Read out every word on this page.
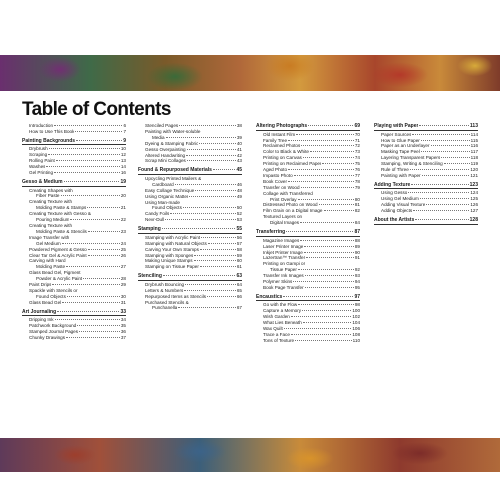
Table of Contents
Introduction	6
How to Use This Book	7
Painting Backgrounds	9
Drybrush	10
Scraping	12
Rolling Paint	13
Washes	14
Gel Printing	16
Gesso & Medium	19
Creating Shapes with
Fiber Paste	20
Creating Texture with
Molding Paste & Stamps	21
Creating Texture with Gesso &
Pouring Medium	22
Creating Texture with
Molding Paste & Stencils	23
Image Transfer with
Gel Medium	24
Powdered Pigment & Gesso	25
Clear Tar Gel & Acrylic Paint	26
Carving with Hard
Molding Paste	27
Glass Bead Gel, Pigment
Powder & Acrylic Paint	28
Paint Drips	29
Spackle with Stencils or
Found Objects	30
Glass Bead Gel	31
Art Journaling	33
Dripping Ink	34
Patchwork Background	35
Stamped Journal Pages	36
Chunky Drawings	37
Stenciled Pages	38
Painting with Water-soluble
Media	39
Dyeing & Stamping Fabric	40
Gesso Overpainting	41
Altered Handwriting	42
Scrap Mini Collages	43
Found & Repurposed Materials	45
Upcycling Printed Mailers &
Cardboard	46
Easy Collage Technique	48
Using Organic Matter	49
Using Man-made
Found Objects	50
Candy Foils	52
Nevr-Dull	53
Stamping	55
Stamping with Acrylic Paint	56
Stamping with Natural Objects	57
Carving Your Own Stamps	58
Stamping with Sponges	59
Making Unique Stamps	60
Stamping on Tissue Paper	61
Stenciling	63
Drybrush Bouncing	64
Letters & Numbers	65
Repurposed Items as Stencils	66
Purchased Stencils &
Punchanella	67
Altering Photographs	69
Old Instant Film	70
Family Tree	71
Reclaimed Photos	72
Color to Black & White	73
Printing on Canvas	74
Printing on Reclaimed Paper	75
Aged Photo	76
Impasto Photo	77
Book Cover	78
Transfer on Wood	79
Collage with Transferred
Print Overlay	80
Distressed Photo on Wood	81
Film Grain on a Digital Image	82
Textured Layers on
Digital Images	84
Transferring	87
Magazine Images	88
Laser Printer Image	89
Inkjet Printer Image	90
Lazertran™ Transfer	91
Printing on Gampi or
Tissue Paper	92
Transfer Ink Images	93
Polymer Skins	94
Book Page Transfer	95
Encaustics	97
Go with the Flow	98
Capture a Memory	100
Wish Garden	102
What Lies Beneath	104
Wax Quilt	106
Trace a Face	108
Tons of Texture	110
Playing with Paper	113
Paper Sources	114
How to Glue Paper	115
Paper as an Underlayer	116
Masking Tape Peel	117
Layering Transparent Papers	118
Stamping, Writing & Stenciling	119
Rule of Three	120
Painting with Paper	121
Adding Texture	123
Using Gesso	124
Using Gel Medium	125
Adding Visual Texture	126
Adding Objects	127
About the Artists	128
